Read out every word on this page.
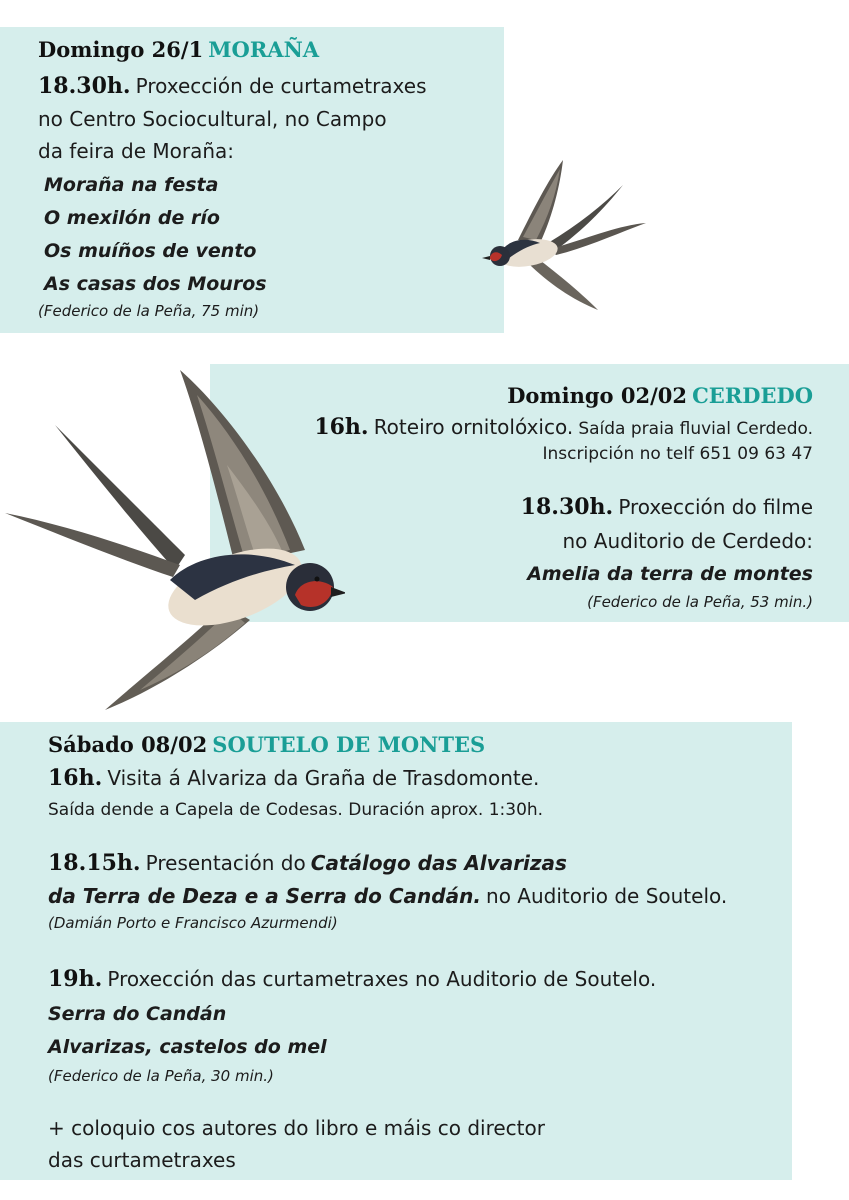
Domingo 26/1 MORAÑA
18.30h. Proxección de curtametraxes
no Centro Sociocultural, no Campo
da feira de Moraña:
Moraña na festa
O mexilón de río
Os muíños de vento
As casas dos Mouros
(Federico de la Peña, 75 min)
Domingo 02/02 CERDEDO
16h. Roteiro ornitolóxico. Saída praia fluvial Cerdedo.
Inscripción no telf 651 09 63 47
18.30h. Proxección do filme
no Auditorio de Cerdedo:
Amelia da terra de montes
(Federico de la Peña, 53 min.)
Sábado 08/02 SOUTELO DE MONTES
16h. Visita á Alvariza da Graña de Trasdomonte.
Saída dende a Capela de Codesas. Duración aprox. 1:30h.
18.15h. Presentación do Catálogo das Alvarizas
da Terra de Deza e a Serra do Candán. no Auditorio de Soutelo.
(Damián Porto e Francisco Azurmendi)
19h. Proxección das curtametraxes no Auditorio de Soutelo.
Serra do Candán
Alvarizas, castelos do mel
(Federico de la Peña, 30 min.)
+ coloquio cos autores do libro e máis co director
das curtametraxes
